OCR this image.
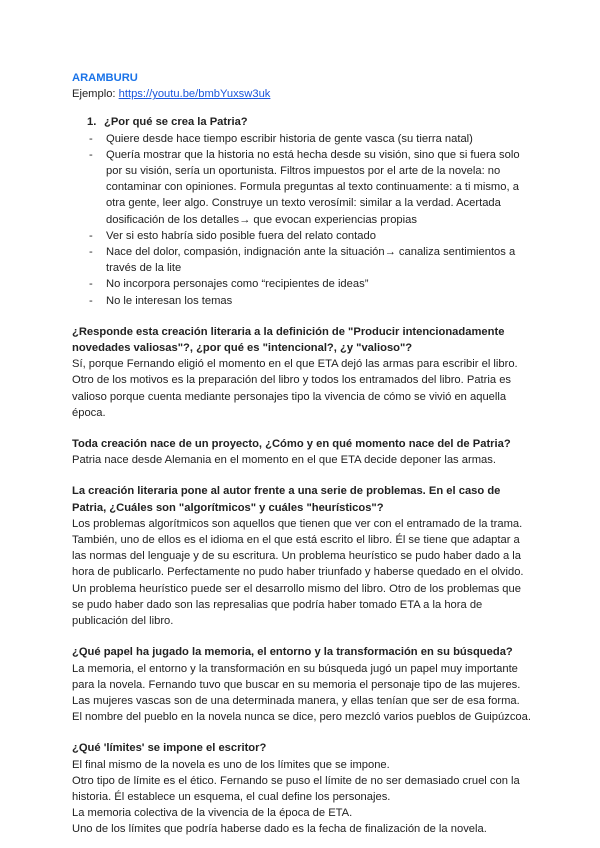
ARAMBURU
Ejemplo: https://youtu.be/bmbYuxsw3uk
1. ¿Por qué se crea la Patria?
- Quiere desde hace tiempo escribir historia de gente vasca (su tierra natal)
- Quería mostrar que la historia no está hecha desde su visión, sino que si fuera solo por su visión, sería un oportunista. Filtros impuestos por el arte de la novela: no contaminar con opiniones. Formula preguntas al texto continuamente: a ti mismo, a otra gente, leer algo. Construye un texto verosímil: similar a la verdad. Acertada dosificación de los detalles→ que evocan experiencias propias
- Ver si esto habría sido posible fuera del relato contado
- Nace del dolor, compasión, indignación ante la situación→ canaliza sentimientos a través de la lite
- No incorpora personajes como “recipientes de ideas”
- No le interesan los temas
¿Responde esta creación literaria a la definición de "Producir intencionadamente novedades valiosas"?, ¿por qué es "intencional?, ¿y "valioso"?

Sí, porque Fernando eligió el momento en el que ETA dejó las armas para escribir el libro. Otro de los motivos es la preparación del libro y todos los entramados del libro. Patria es valioso porque cuenta mediante personajes tipo la vivencia de cómo se vivió en aquella época.

Toda creación nace de un proyecto, ¿Cómo y en qué momento nace del de Patria?

Patria nace desde Alemania en el momento en el que ETA decide deponer las armas.

La creación literaria pone al autor frente a una serie de problemas. En el caso de Patria, ¿Cuáles son "algorítmicos" y cuáles "heurísticos"?

Los problemas algorítmicos son aquellos que tienen que ver con el entramado de la trama. También, uno de ellos es el idioma en el que está escrito el libro. Él se tiene que adaptar a las normas del lenguaje y de su escritura. Un problema heurístico se pudo haber dado a la hora de publicarlo. Perfectamente no pudo haber triunfado y haberse quedado en el olvido. Un problema heurístico puede ser el desarrollo mismo del libro. Otro de los problemas que se pudo haber dado son las represalias que podría haber tomado ETA a la hora de publicación del libro.

¿Qué papel ha jugado la memoria, el entorno y la transformación en su búsqueda?

La memoria, el entorno y la transformación en su búsqueda jugó un papel muy importante para la novela. Fernando tuvo que buscar en su memoria el personaje tipo de las mujeres. Las mujeres vascas son de una determinada manera, y ellas tenían que ser de esa forma. El nombre del pueblo en la novela nunca se dice, pero mezcló varios pueblos de Guipúzcoa.

¿Qué 'límites' se impone el escritor?

El final mismo de la novela es uno de los límites que se impone.

Otro tipo de límite es el ético. Fernando se puso el límite de no ser demasiado cruel con la historia. Él establece un esquema, el cual define los personajes.

La memoria colectiva de la vivencia de la época de ETA.

Uno de los límites que podría haberse dado es la fecha de finalización de la novela.
